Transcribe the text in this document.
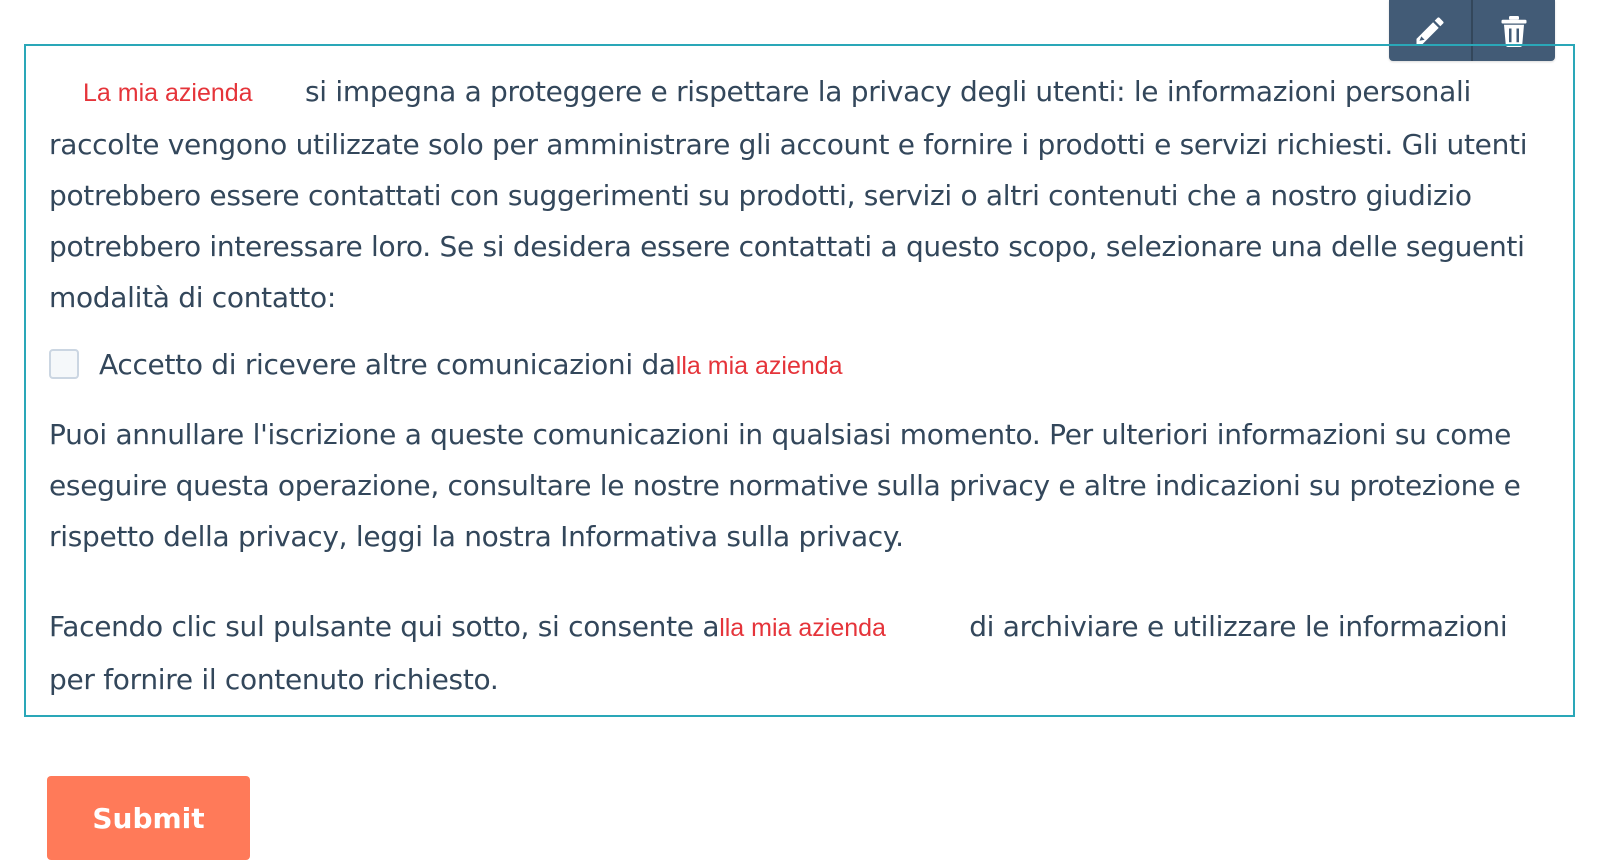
La mia azienda si impegna a proteggere e rispettare la privacy degli utenti: le informazioni personali raccolte vengono utilizzate solo per amministrare gli account e fornire i prodotti e servizi richiesti. Gli utenti potrebbero essere contattati con suggerimenti su prodotti, servizi o altri contenuti che a nostro giudizio potrebbero interessare loro. Se si desidera essere contattati a questo scopo, selezionare una delle seguenti modalità di contatto:

Accetto di ricevere altre comunicazioni dalla mia azienda

Puoi annullare l'iscrizione a queste comunicazioni in qualsiasi momento. Per ulteriori informazioni su come eseguire questa operazione, consultare le nostre normative sulla privacy e altre indicazioni su protezione e rispetto della privacy, leggi la nostra Informativa sulla privacy.

Facendo clic sul pulsante qui sotto, si consente alla mia azienda	di archiviare e utilizzare le informazioni per fornire il contenuto richiesto.

Submit
